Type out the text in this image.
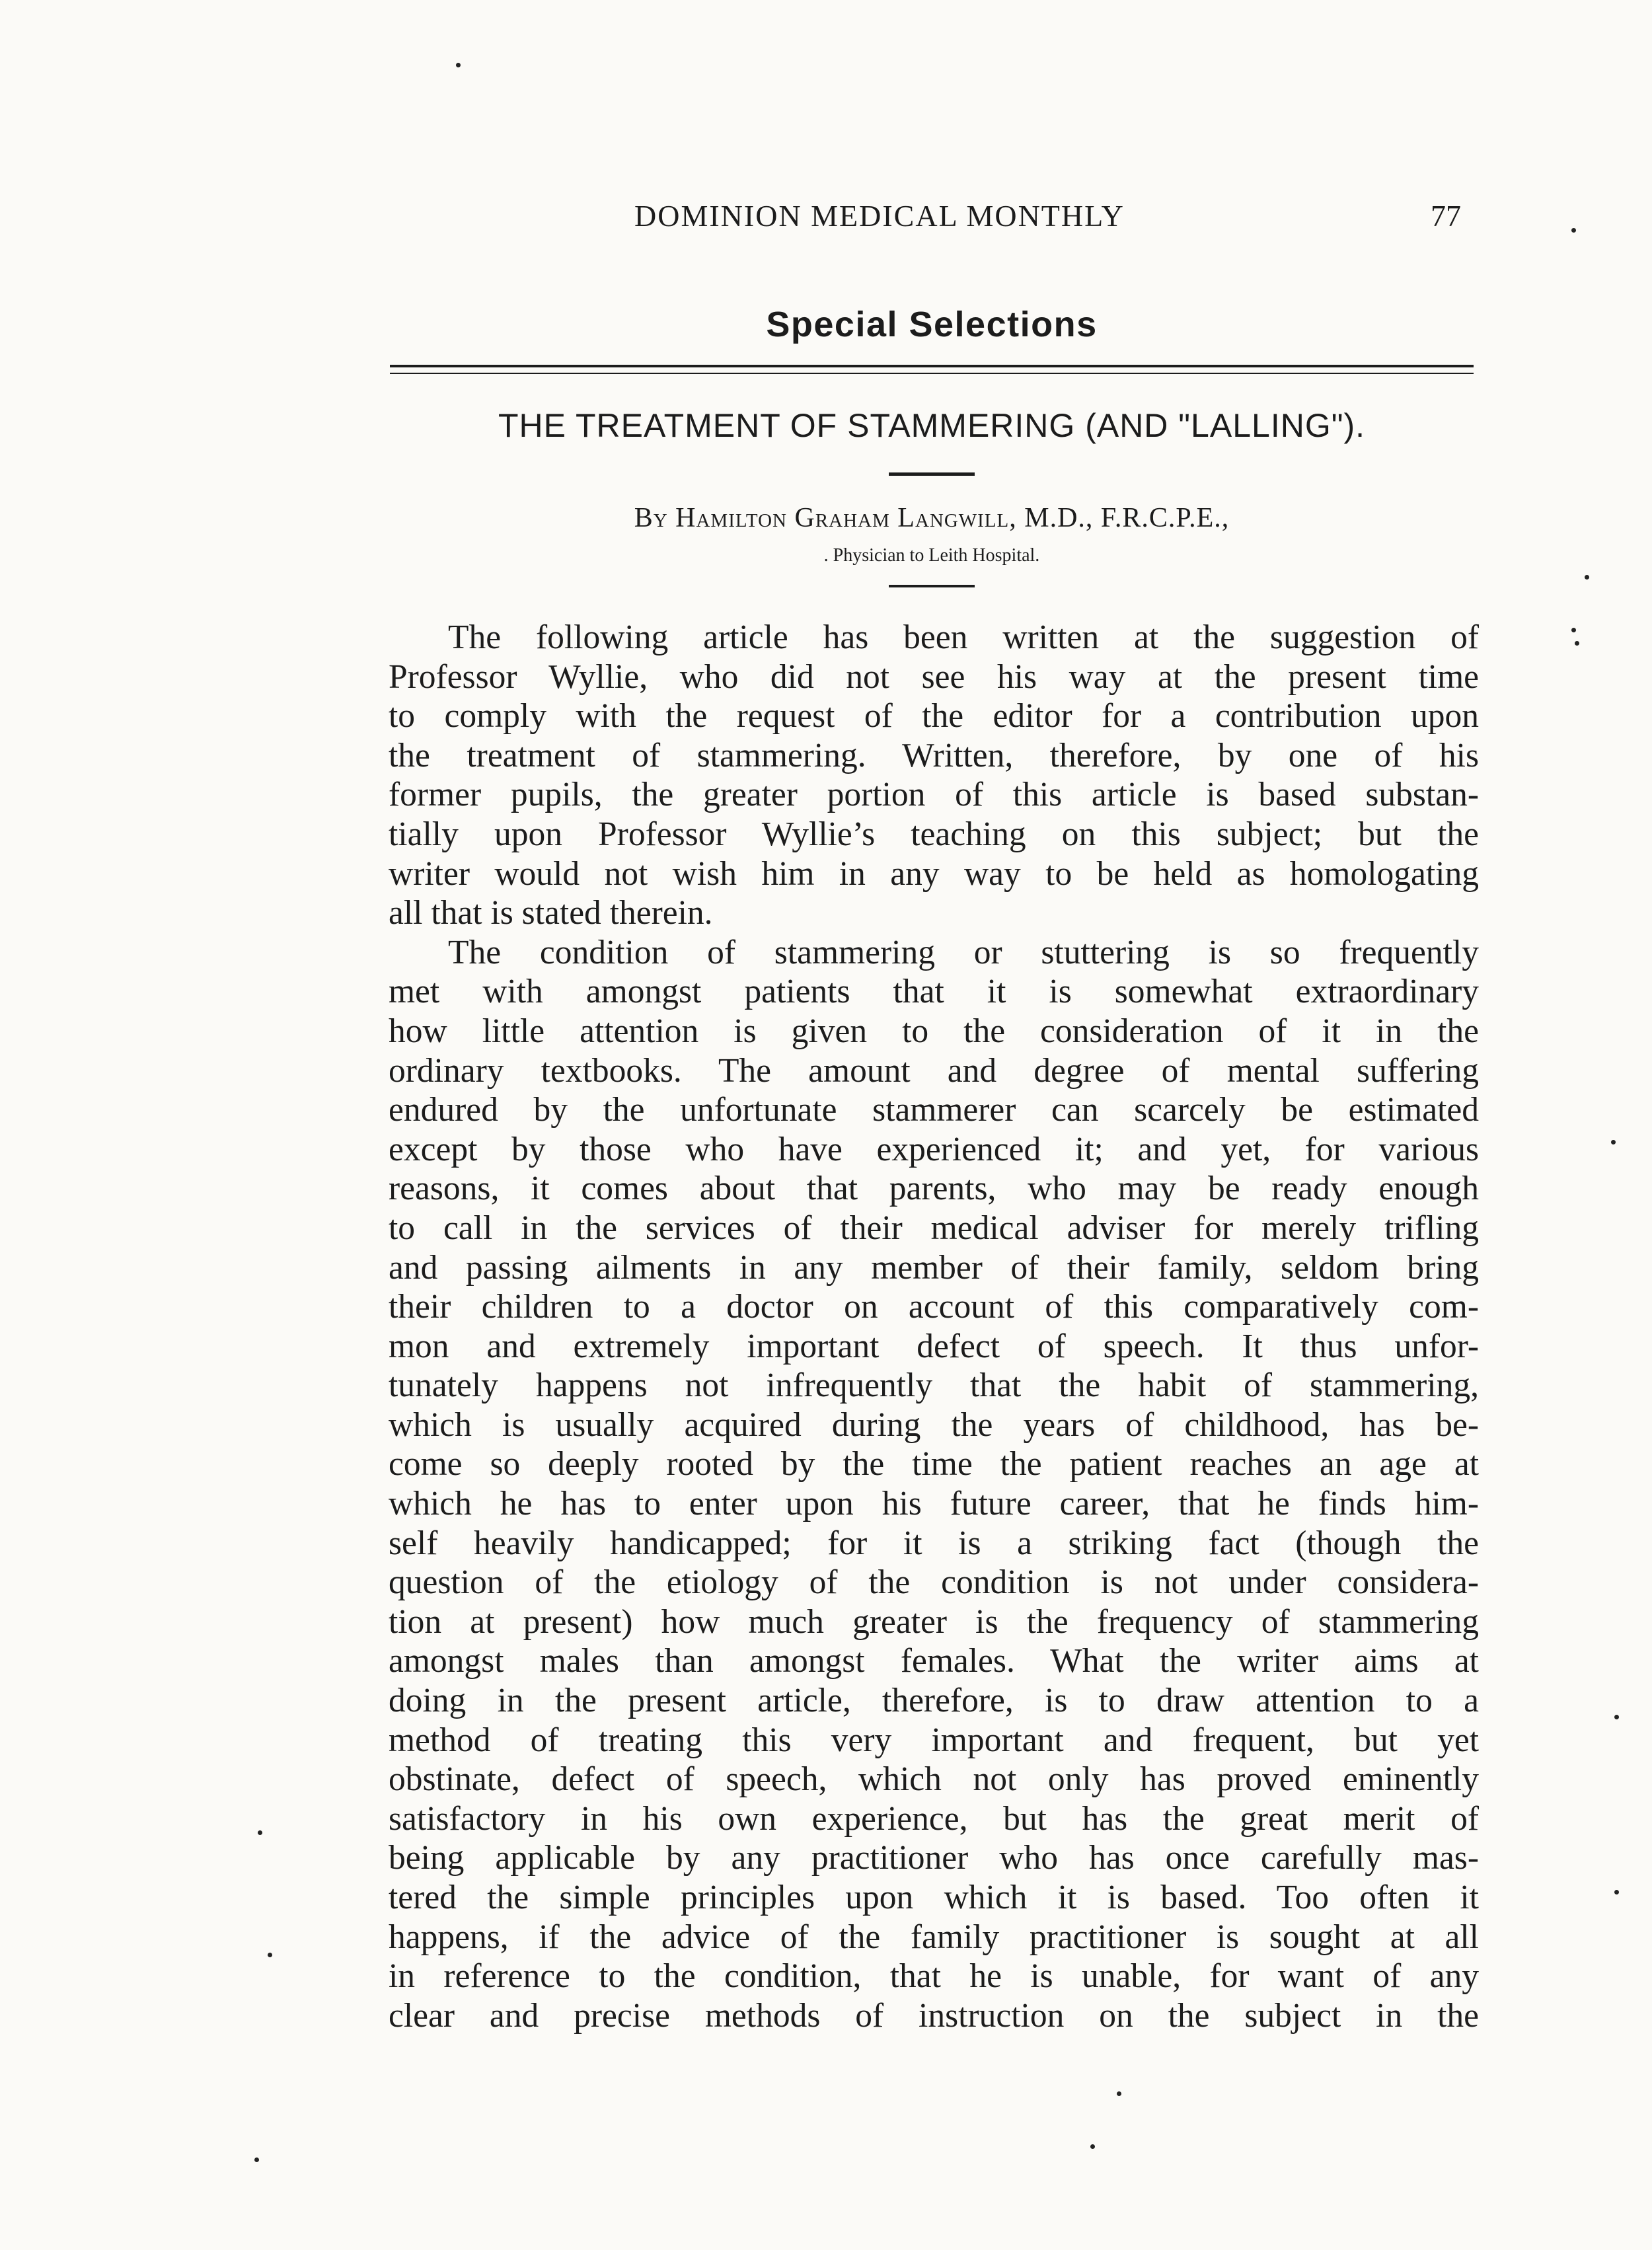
DOMINION MEDICAL MONTHLY	77
Special Selections
THE TREATMENT OF STAMMERING (AND "LALLING").
By Hamilton Graham Langwill, M.D., F.R.C.P.E.,
. Physician to Leith Hospital.
The following article has been written at the suggestion of
Professor Wyllie, who did not see his way at the present time
to comply with the request of the editor for a contribution upon
the treatment of stammering. Written, therefore, by one of his
former pupils, the greater portion of this article is based substan-
tially upon Professor Wyllie’s teaching on this subject; but the
writer would not wish him in any way to be held as homologating
all that is stated therein.
The condition of stammering or stuttering is so frequently
met with amongst patients that it is somewhat extraordinary
how little attention is given to the consideration of it in the
ordinary textbooks. The amount and degree of mental suffering
endured by the unfortunate stammerer can scarcely be estimated
except by those who have experienced it; and yet, for various
reasons, it comes about that parents, who may be ready enough
to call in the services of their medical adviser for merely trifling
and passing ailments in any member of their family, seldom bring
their children to a doctor on account of this comparatively com-
mon and extremely important defect of speech. It thus unfor-
tunately happens not infrequently that the habit of stammering,
which is usually acquired during the years of childhood, has be-
come so deeply rooted by the time the patient reaches an age at
which he has to enter upon his future career, that he finds him-
self heavily handicapped; for it is a striking fact (though the
question of the etiology of the condition is not under considera-
tion at present) how much greater is the frequency of stammering
amongst males than amongst females. What the writer aims at
doing in the present article, therefore, is to draw attention to a
method of treating this very important and frequent, but yet
obstinate, defect of speech, which not only has proved eminently
satisfactory in his own experience, but has the great merit of
being applicable by any practitioner who has once carefully mas-
tered the simple principles upon which it is based. Too often it
happens, if the advice of the family practitioner is sought at all
in reference to the condition, that he is unable, for want of any
clear and precise methods of instruction on the subject in the
